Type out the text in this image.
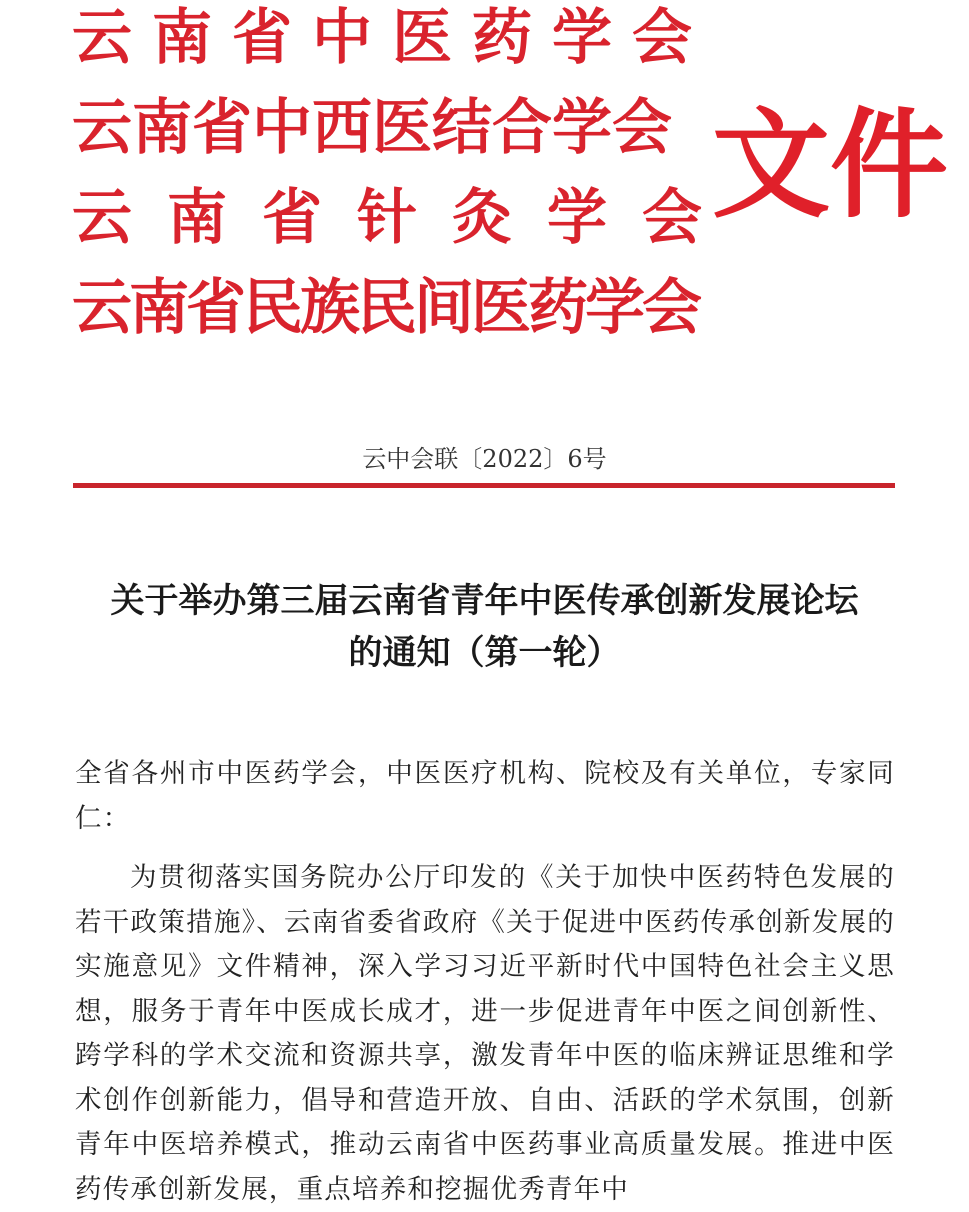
云南省中医药学会
云南省中西医结合学会
云南省针灸学会
云南省民族民间医药学会
文件
云中会联〔2022〕6号
关于举办第三届云南省青年中医传承创新发展论坛
的通知（第一轮）
全省各州市中医药学会，中医医疗机构、院校及有关单位，专家同仁：
为贯彻落实国务院办公厅印发的《关于加快中医药特色发展的若干政策措施》、云南省委省政府《关于促进中医药传承创新发展的实施意见》文件精神，深入学习习近平新时代中国特色社会主义思想，服务于青年中医成长成才，进一步促进青年中医之间创新性、跨学科的学术交流和资源共享，激发青年中医的临床辨证思维和学术创作创新能力，倡导和营造开放、自由、活跃的学术氛围，创新青年中医培养模式，推动云南省中医药事业高质量发展。推进中医药传承创新发展，重点培养和挖掘优秀青年中
